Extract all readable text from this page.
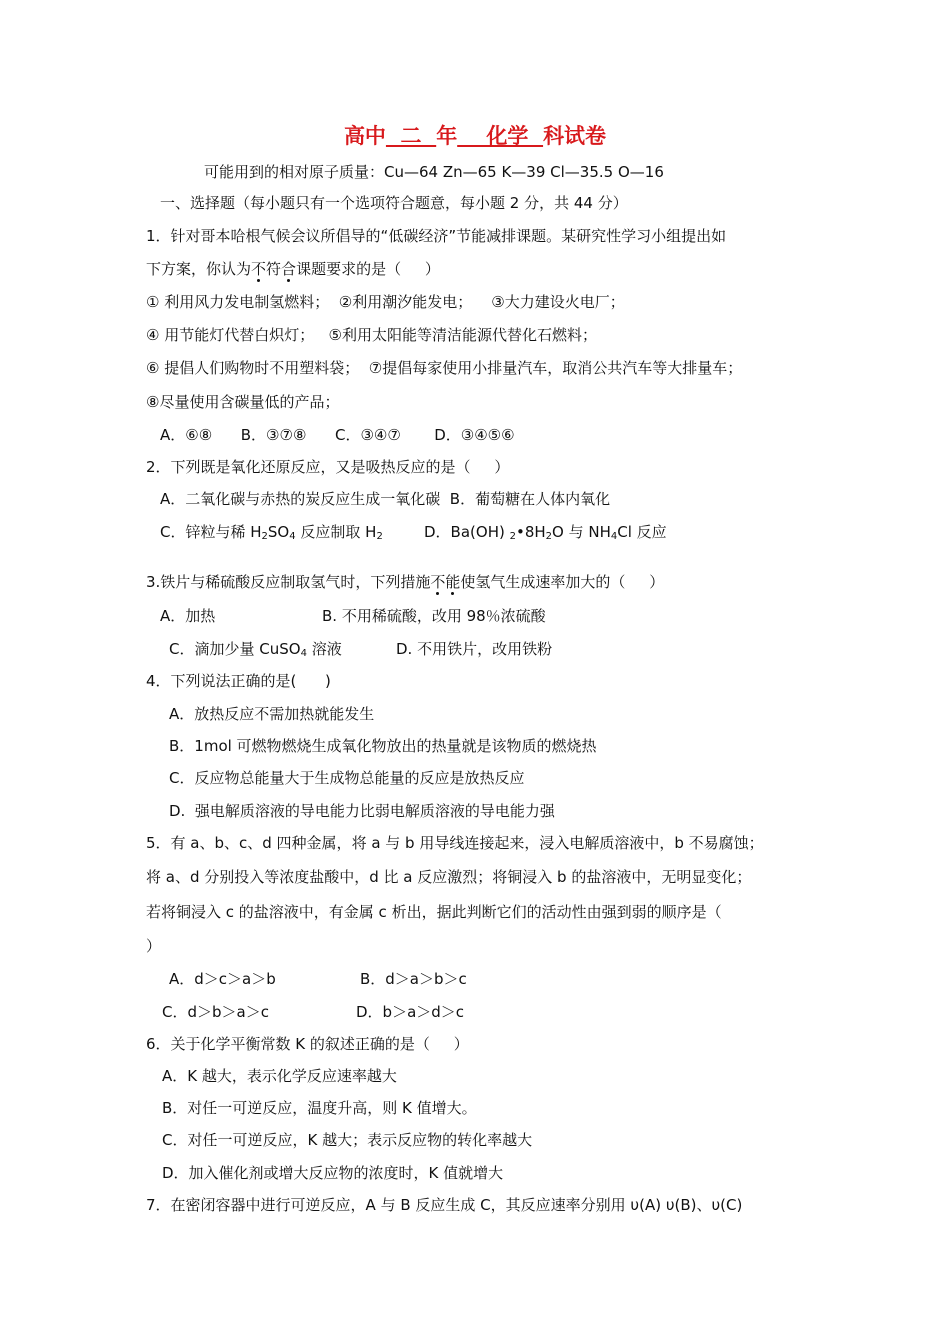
高中  二  年    化学  科试卷
可能用到的相对原子质量：Cu—64 Zn—65 K—39 Cl—35.5 O—16
一、选择题（每小题只有一个选项符合题意，每小题 2 分，共 44 分）
1．针对哥本哈根气候会议所倡导的“低碳经济”节能减排课题。某研究性学习小组提出如
下方案，你认为不符合课题要求的是（     ）
① 利用风力发电制氢燃料；  ②利用潮汐能发电；    ③大力建设火电厂；
④ 用节能灯代替白炽灯；   ⑤利用太阳能等清洁能源代替化石燃料；
⑥ 提倡人们购物时不用塑料袋；  ⑦提倡每家使用小排量汽车，取消公共汽车等大排量车；
⑧尽量使用含碳量低的产品；
A．⑥⑧      B．③⑦⑧      C．③④⑦       D．③④⑤⑥
2．下列既是氧化还原反应，又是吸热反应的是（     ）
A．二氧化碳与赤热的炭反应生成一氧化碳  B．葡萄糖在人体内氧化
C．锌粒与稀 $H_2SO_4$ 反应制取 $H_2$	D．Ba(OH) $_2•8H_2O$ 与 $NH_4Cl$ 反应
3.铁片与稀硫酸反应制取氢气时，下列措施不能使氢气生成速率加大的（     ）
A．加热	B. 不用稀硫酸，改用 98％浓硫酸
C．滴加少量 CuSO$_4$ 溶液	D. 不用铁片，改用铁粉
4．下列说法正确的是(      )
A．放热反应不需加热就能发生
B．1mol 可燃物燃烧生成氧化物放出的热量就是该物质的燃烧热
C．反应物总能量大于生成物总能量的反应是放热反应
D.  强电解质溶液的导电能力比弱电解质溶液的导电能力强
5．有 a、b、c、d 四种金属，将 a 与 b 用导线连接起来，浸入电解质溶液中，b 不易腐蚀；
将 a、d 分别投入等浓度盐酸中，d 比 a 反应激烈；将铜浸入 b 的盐溶液中，无明显变化；
若将铜浸入 c 的盐溶液中，有金属 c 析出，据此判断它们的活动性由强到弱的顺序是（
）
A．d＞c＞a＞b	B．d＞a＞b＞c
C．d＞b＞a＞c	D．b＞a＞d＞c
6．关于化学平衡常数 K 的叙述正确的是（     ）
A．K 越大，表示化学反应速率越大
B．对任一可逆反应，温度升高，则 K 值增大。
C．对任一可逆反应，K 越大；表示反应物的转化率越大
D．加入催化剂或增大反应物的浓度时，K 值就增大
7．在密闭容器中进行可逆反应，A 与 B 反应生成 C，其反应速率分别用 υ(A) υ(B)、υ(C)
